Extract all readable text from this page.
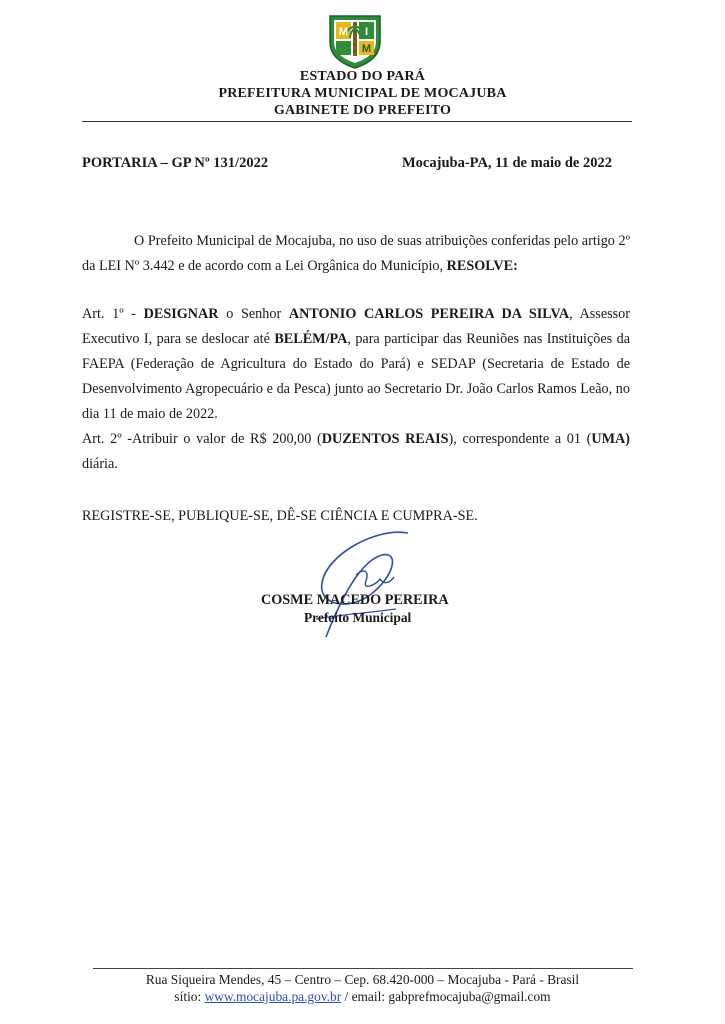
M I
M
ESTADO DO PARÁ
PREFEITURA MUNICIPAL DE MOCAJUBA
GABINETE DO PREFEITO
PORTARIA – GP Nº 131/2022	Mocajuba-PA, 11 de maio de 2022

O Prefeito Municipal de Mocajuba, no uso de suas atribuições conferidas pelo artigo 2º da LEI Nº 3.442 e de acordo com a Lei Orgânica do Município, RESOLVE:

Art. 1º - DESIGNAR o Senhor ANTONIO CARLOS PEREIRA DA SILVA, Assessor Executivo I, para se deslocar até BELÉM/PA, para participar das Reuniões nas Instituições da FAEPA (Federação de Agricultura do Estado do Pará) e SEDAP (Secretaria de Estado de Desenvolvimento Agropecuário e da Pesca) junto ao Secretario Dr. João Carlos Ramos Leão, no dia 11 de maio de 2022.

Art. 2º -Atribuir o valor de R$ 200,00 (DUZENTOS REAIS), correspondente a 01 (UMA) diária.

REGISTRE-SE, PUBLIQUE-SE, DÊ-SE CIÊNCIA E CUMPRA-SE.
COSME MACEDO PEREIRA
Prefeito Municipal
Rua Siqueira Mendes, 45 – Centro – Cep. 68.420-000 – Mocajuba - Pará - Brasil
sítio: www.mocajuba.pa.gov.br / email: gabprefmocajuba@gmail.com
